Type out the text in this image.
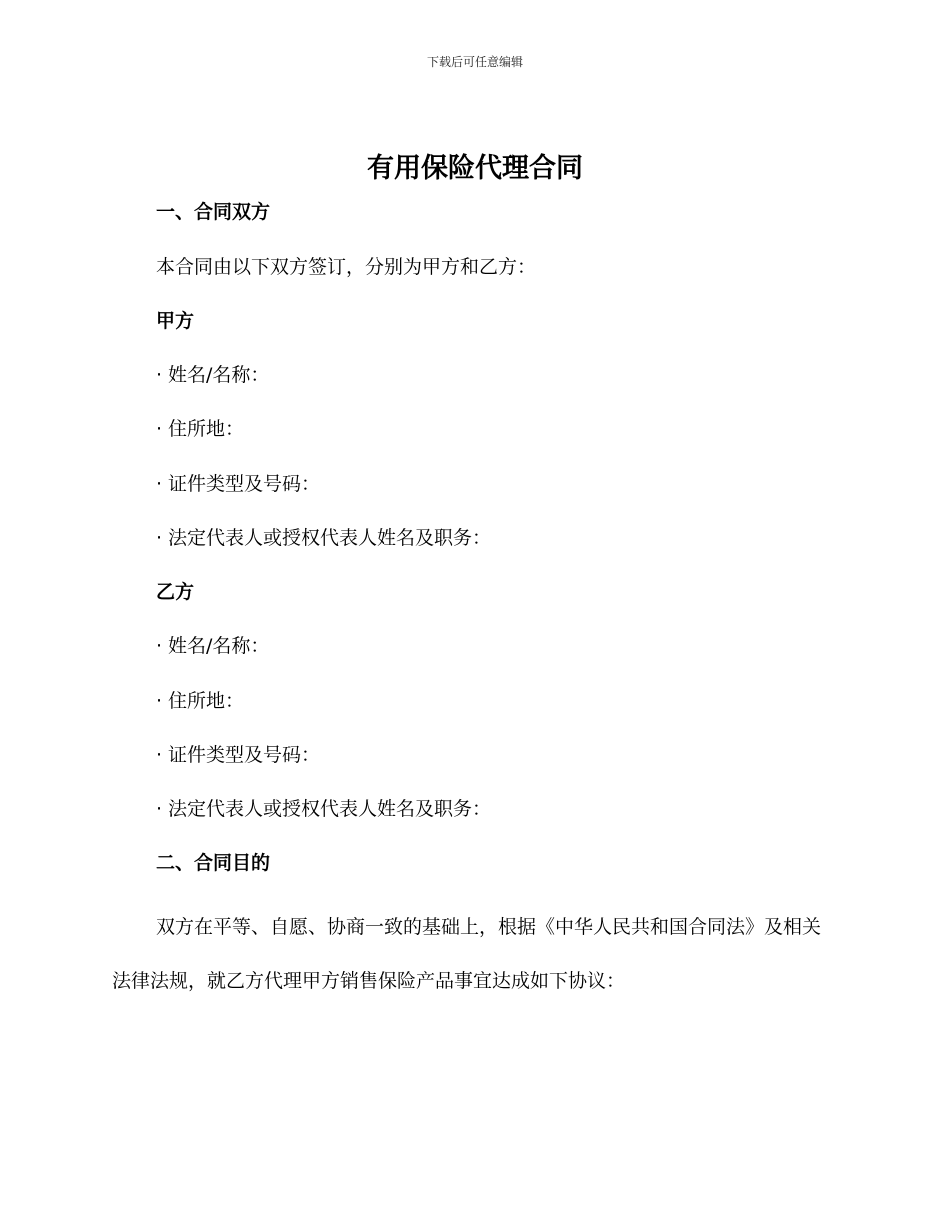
下载后可任意编辑
有用保险代理合同
一、合同双方
本合同由以下双方签订，分别为甲方和乙方：
甲方
· 姓名/名称：
· 住所地：
· 证件类型及号码：
· 法定代表人或授权代表人姓名及职务：
乙方
· 姓名/名称：
· 住所地：
· 证件类型及号码：
· 法定代表人或授权代表人姓名及职务：
二、合同目的

双方在平等、自愿、协商一致的基础上，根据《中华人民共和国合同法》及相关法律法规，就乙方代理甲方销售保险产品事宜达成如下协议：
